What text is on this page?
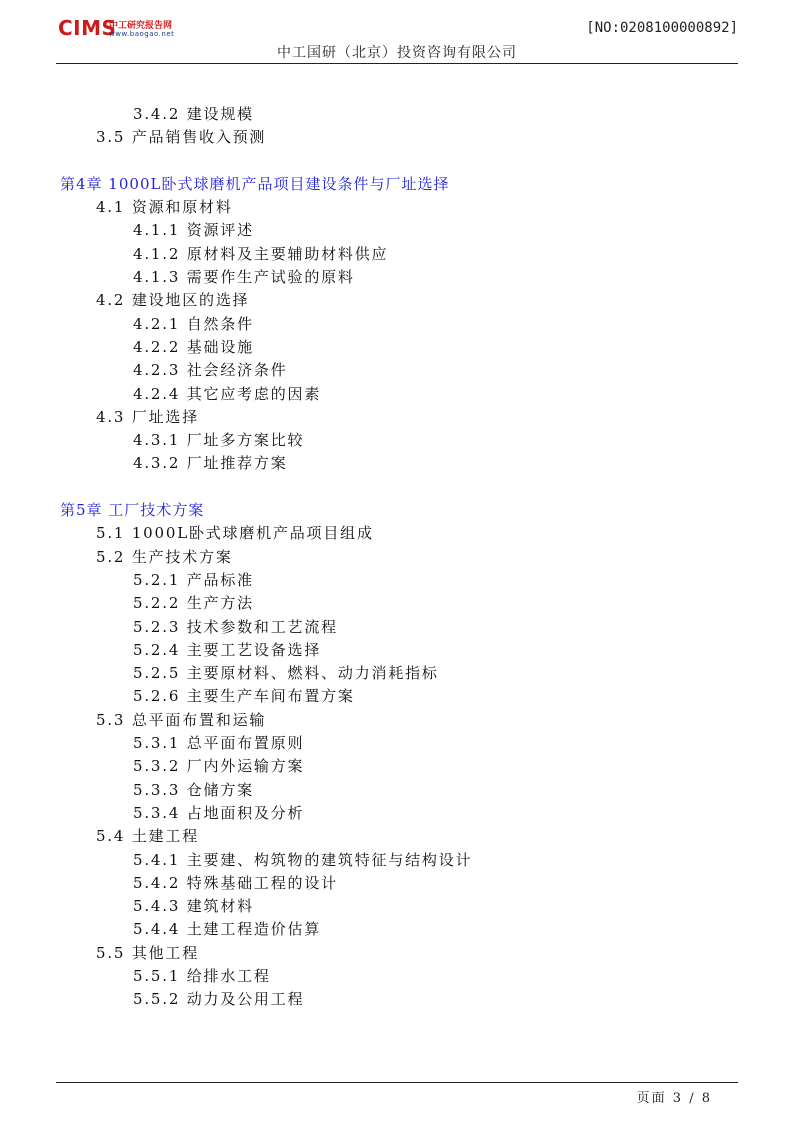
CIMS
中工研究报告网
www.baogao.net	[NO:0208100000892]
中工国研（北京）投资咨询有限公司
3.4.2 建设规模
3.5 产品销售收入预测
第4章 1000L卧式球磨机产品项目建设条件与厂址选择
4.1 资源和原材料
4.1.1 资源评述
4.1.2 原材料及主要辅助材料供应
4.1.3 需要作生产试验的原料
4.2 建设地区的选择
4.2.1 自然条件
4.2.2 基础设施
4.2.3 社会经济条件
4.2.4 其它应考虑的因素
4.3 厂址选择
4.3.1 厂址多方案比较
4.3.2 厂址推荐方案
第5章 工厂技术方案
5.1 1000L卧式球磨机产品项目组成
5.2 生产技术方案
5.2.1 产品标准
5.2.2 生产方法
5.2.3 技术参数和工艺流程
5.2.4 主要工艺设备选择
5.2.5 主要原材料、燃料、动力消耗指标
5.2.6 主要生产车间布置方案
5.3 总平面布置和运输
5.3.1 总平面布置原则
5.3.2 厂内外运输方案
5.3.3 仓储方案
5.3.4 占地面积及分析
5.4 土建工程
5.4.1 主要建、构筑物的建筑特征与结构设计
5.4.2 特殊基础工程的设计
5.4.3 建筑材料
5.4.4 土建工程造价估算
5.5 其他工程
5.5.1 给排水工程
5.5.2 动力及公用工程
页面 3 / 8
